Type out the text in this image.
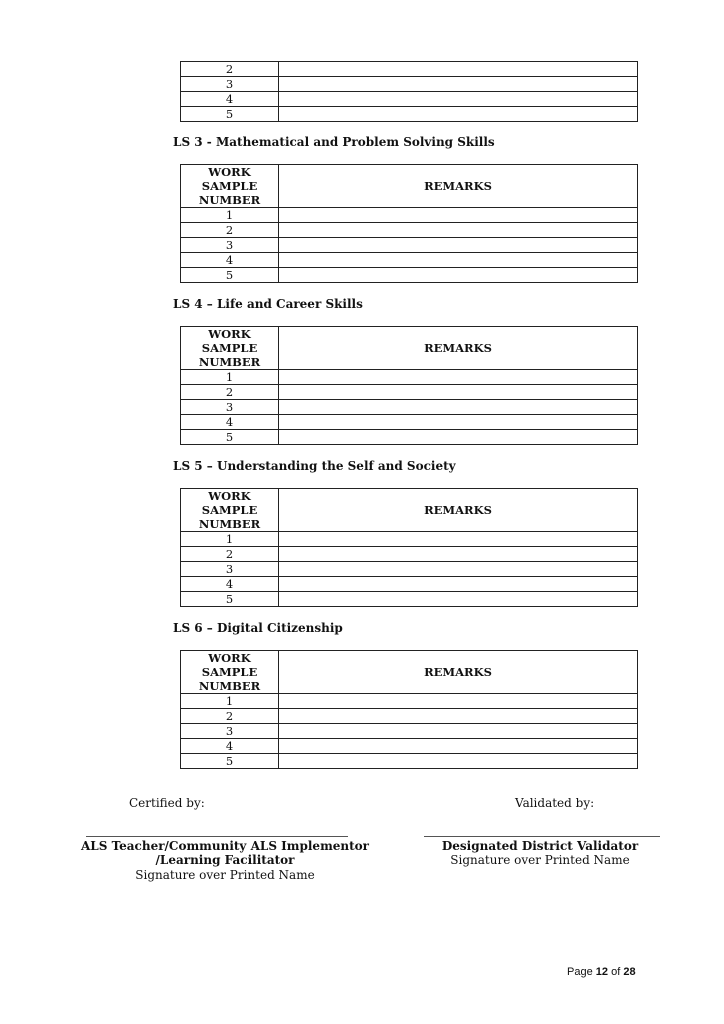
2	
3	
4	
5	
LS 3 - Mathematical and Problem Solving Skills
WORK
SAMPLE
NUMBER	REMARKS
1	
2	
3	
4	
5	
LS 4 – Life and Career Skills
WORK
SAMPLE
NUMBER	REMARKS
1	
2	
3	
4	
5	
LS 5 – Understanding the Self and Society
WORK
SAMPLE
NUMBER	REMARKS
1	
2	
3	
4	
5	
LS 6 – Digital Citizenship
WORK
SAMPLE
NUMBER	REMARKS
1	
2	
3	
4	
5	
Certified by:	Validated by:
ALS Teacher/Community ALS Implementor
/Learning Facilitator
Signature over Printed Name
Designated District Validator
Signature over Printed Name
Page 12 of 28
